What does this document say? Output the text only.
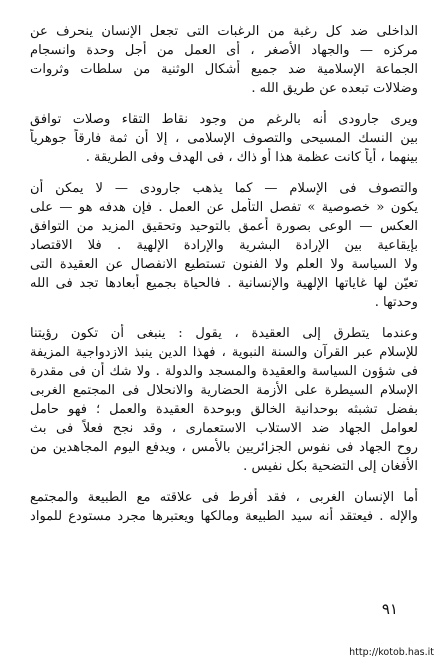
الداخلى ضد كل رغبة من الرغبات التى تجعل الإنسان ينحرف عن
مركزه — والجهاد الأصغر ، أى العمل من أجل وحدة وانسجام
الجماعة الإسلامية ضد جميع أشكال الوثنية من سلطات وثروات
وضلالات تبعده عن طريق الله .
ويرى جارودى أنه بالرغم من وجود نقاط التقاء وصلات توافق
بين النسك المسيحى والتصوف الإسلامى ، إلا أن ثمة فارقاً جوهرياً
بينهما ، أياً كانت عظمة هذا أو ذاك ، فى الهدف وفى الطريقة .
والتصوف فى الإسلام — كما يذهب جارودى — لا يمكن أن
يكون « خصوصية » تفصل التأمل عن العمل . فإن هدفه هو — على
العكس — الوعى بصورة أعمق بالتوحيد وتحقيق المزيد من التوافق
بإيقاعية بين الإرادة البشرية والإرادة الإلهية . فلا الاقتصاد
ولا السياسة ولا العلم ولا الفنون تستطيع الانفصال عن العقيدة التى
تعيّن لها غاياتها الإلهية والإنسانية . فالحياة بجميع أبعادها تجد فى الله
وحدتها .
وعندما يتطرق إلى العقيدة ، يقول : ينبغى أن تكون رؤيتنا
للإسلام عبر القرآن والسنة النبوية ، فهذا الدين ينبذ الازدواجية المزيفة
فى شؤون السياسة والعقيدة والمسجد والدولة . ولا شك أن فى مقدرة
الإسلام السيطرة على الأزمة الحضارية والانحلال فى المجتمع الغربى
بفضل تشبثه بوحدانية الخالق وبوحدة العقيدة والعمل ؛ فهو حامل
لعوامل الجهاد ضد الاستلاب الاستعمارى ، وقد نجح فعلاً فى بث
روح الجهاد فى نفوس الجزائريين بالأمس ، ويدفع اليوم المجاهدين من
الأفغان إلى التضحية بكل نفيس .
أما الإنسان الغربى ، فقد أفرط فى علاقته مع الطبيعة والمجتمع
والإله . فيعتقد أنه سيد الطبيعة ومالكها ويعتبرها مجرد مستودع للمواد
٩١
http://kotob.has.it
